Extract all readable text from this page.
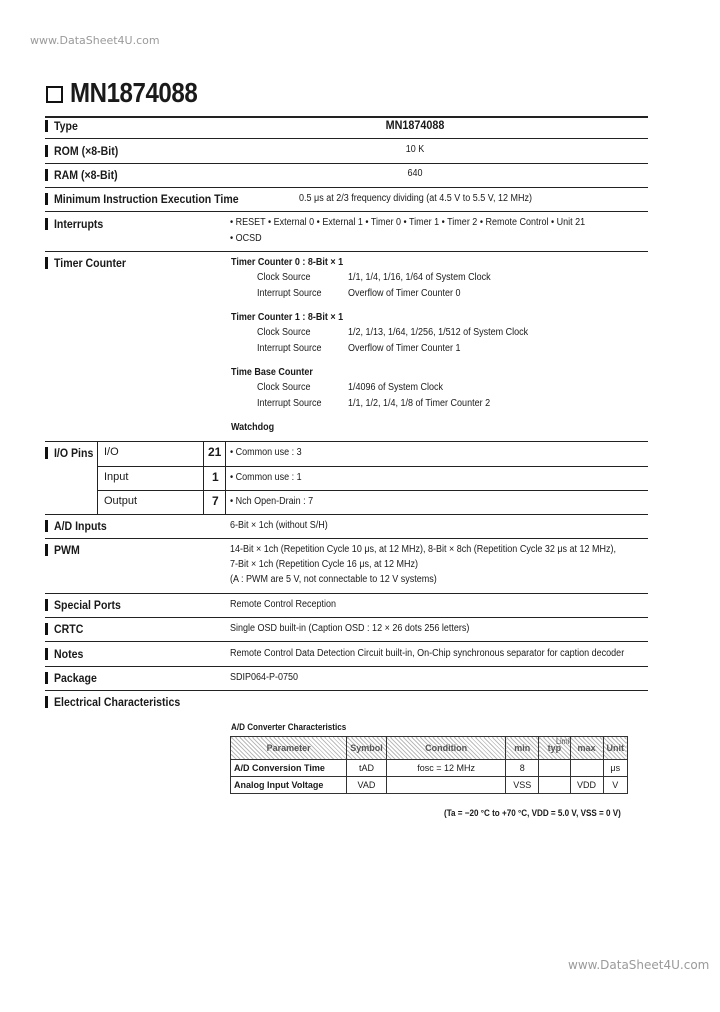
www.DataSheet4U.com
MN1874088
Type	MN1874088
ROM (×8-Bit)	10 K
RAM (×8-Bit)	640
Minimum Instruction Execution Time	0.5 μs at 2/3 frequency dividing (at 4.5 V to 5.5 V, 12 MHz)
Interrupts	• RESET • External 0 • External 1 • Timer 0 • Timer 1 • Timer 2 • Remote Control • Unit 21
• OCSD
Timer Counter	Timer Counter 0 : 8-Bit × 1
Clock Source	1/1, 1/4, 1/16, 1/64 of System Clock
Interrupt Source	Overflow of Timer Counter 0
Timer Counter 1 : 8-Bit × 1
Clock Source	1/2, 1/13, 1/64, 1/256, 1/512 of System Clock
Interrupt Source	Overflow of Timer Counter 1
Time Base Counter
Clock Source	1/4096 of System Clock
Interrupt Source	1/1, 1/2, 1/4, 1/8 of Timer Counter 2
Watchdog
I/O Pins I/O	21 • Common use : 3
Input	1 • Common use : 1
Output	7 • Nch Open-Drain : 7
A/D Inputs	6-Bit × 1ch (without S/H)
PWM	14-Bit × 1ch (Repetition Cycle 10 μs, at 12 MHz), 8-Bit × 8ch (Repetition Cycle 32 μs at 12 MHz),
7-Bit × 1ch (Repetition Cycle 16 μs, at 12 MHz)
(A : PWM are 5 V, not connectable to 12 V systems)
Special Ports	Remote Control Reception
CRTC	Single OSD built-in (Caption OSD : 12 × 26 dots 256 letters)
Notes	Remote Control Data Detection Circuit built-in, On-Chip synchronous separator for caption decoder
Package	SDIP064-P-0750
Electrical Characteristics
A/D Converter Characteristics
Parameter	Symbol	Condition	min	typ	max	Unit
A/D Conversion Time	tAD	fosc = 12 MHz	8			μs
Analog Input Voltage	VAD		VSS		VDD	V
(Ta = −20 °C to +70 °C, VDD = 5.0 V, VSS = 0 V)
Limit
www.DataSheet4U.com
